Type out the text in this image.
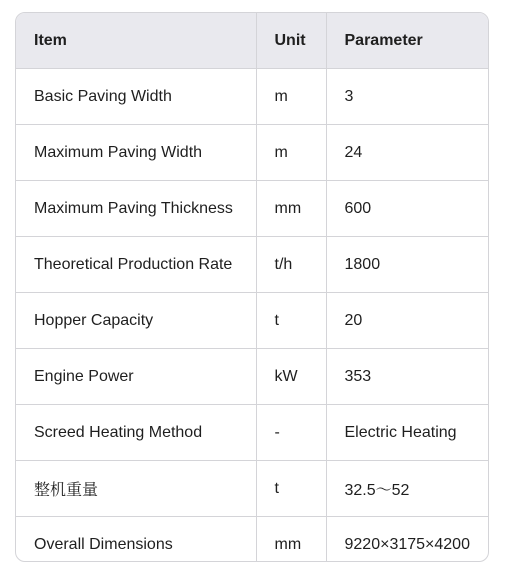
Item	Unit	Parameter
Basic Paving Width	m	3
Maximum Paving Width	m	24
Maximum Paving Thickness	mm	600
Theoretical Production Rate	t/h	1800
Hopper Capacity	t	20
Engine Power	kW	353
Screed Heating Method	-	Electric Heating
整机重量	t	32.5～52
Overall Dimensions	mm	9220×3175×4200
